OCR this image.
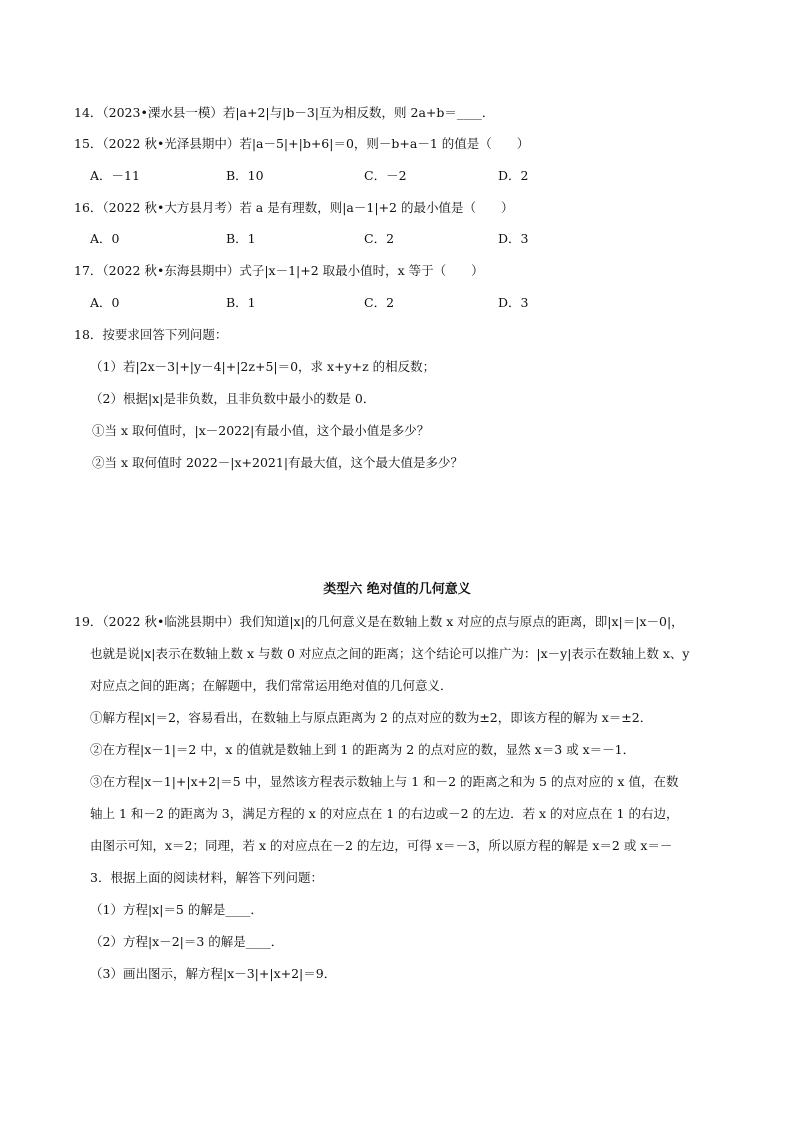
14．（2023•溧水县一模）若|a+2|与|b－3|互为相反数，则 2a+b＝____．
15．（2022 秋•光泽县期中）若|a－5|+|b+6|＝0，则－b+a－1 的值是（　　）
A．－11	B．10	C．－2	D．2
16．（2022 秋•大方县月考）若 a 是有理数，则|a－1|+2 的最小值是（　　）
A．0	B．1	C．2	D．3
17．（2022 秋•东海县期中）式子|x－1|+2 取最小值时，x 等于（　　）
A．0	B．1	C．2	D．3
18．按要求回答下列问题：
（1）若|2x－3|+|y－4|+|2z+5|＝0，求 x+y+z 的相反数；
（2）根据|x|是非负数，且非负数中最小的数是 0．
①当 x 取何值时，|x－2022|有最小值，这个最小值是多少？
②当 x 取何值时 2022－|x+2021|有最大值，这个最大值是多少？
类型六 绝对值的几何意义
19．（2022 秋•临洮县期中）我们知道|x|的几何意义是在数轴上数 x 对应的点与原点的距离，即|x|＝|x－0|，
也就是说|x|表示在数轴上数 x 与数 0 对应点之间的距离；这个结论可以推广为：|x－y|表示在数轴上数 x、y
对应点之间的距离；在解题中，我们常常运用绝对值的几何意义．
①解方程|x|＝2，容易看出，在数轴上与原点距离为 2 的点对应的数为±2，即该方程的解为 x＝±2．
②在方程|x－1|＝2 中，x 的值就是数轴上到 1 的距离为 2 的点对应的数，显然 x＝3 或 x＝－1．
③在方程|x－1|+|x+2|＝5 中，显然该方程表示数轴上与 1 和－2 的距离之和为 5 的点对应的 x 值，在数
轴上 1 和－2 的距离为 3，满足方程的 x 的对应点在 1 的右边或－2 的左边．若 x 的对应点在 1 的右边，
由图示可知，x＝2；同理，若 x 的对应点在－2 的左边，可得 x＝－3，所以原方程的解是 x＝2 或 x＝－
3．根据上面的阅读材料，解答下列问题：
（1）方程|x|＝5 的解是____．
（2）方程|x－2|＝3 的解是____．
（3）画出图示，解方程|x－3|+|x+2|＝9．
